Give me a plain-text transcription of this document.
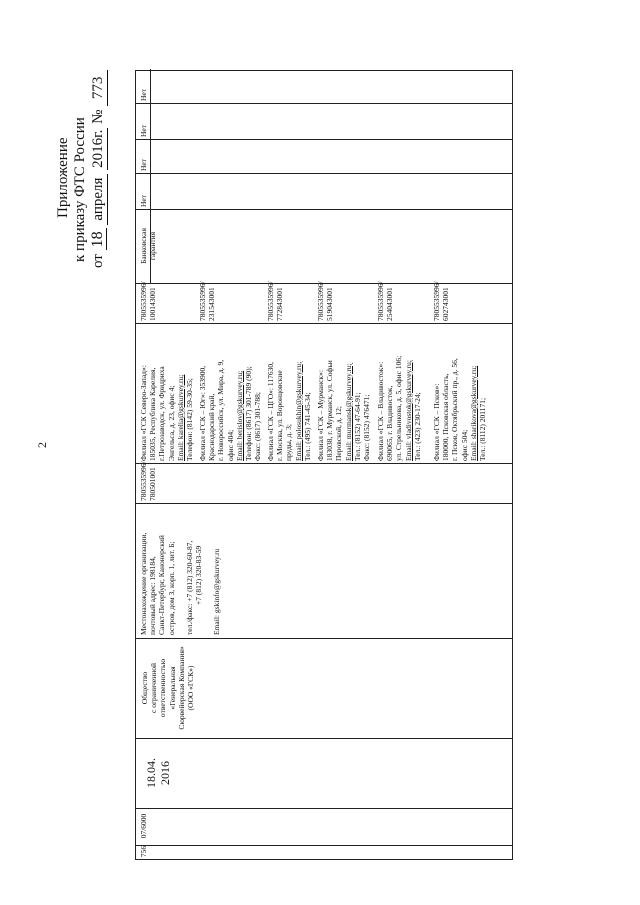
2
Приложение к приказу ФТС России от 18 апреля 2016г. № 773
756
07/6000
18.04.
2016
Общество с ограниченной ответственностью «Генеральная Сюрвейерская Компания» (ООО «ГСК»)
Местонахождение организации, почтовый адрес: 198184, Санкт-Петербург, Канонерский остров, дом 3, корп. 1, лит. Б; тел./факс: +7 (812) 320-60-87, +7 (812) 320-83-59 Email: gskinfo@gskurvey.ru
7805535996/
780501001
Филиал «ГСК Северо-Запад»: 185035, Республика Карелия, г.Петрозаводск, ул. Фридриха Энгельса, д. 23, офис 4; Email: karelia@gskurvey.ru; Телефон: (8142) 59-30-35;
7805535996/
100143001
Филиал «ГСК – Юг»: 353900, Краснодарский край, г. Новороссийск, ул. Мира, д. 9, офис 404; Email: berislov@gskurvey.ru; Телефон: (8617) 301-789 (90); Факс: (8617) 301-788;
7805535996/
231543001
Филиал «ГСК – ЦГО»: 117630, г. Москва, ул. Воронцовские пруды, д. 3; Email: polosukhin@gskurvey.ru; Тел.: (495) 741-45-34;
7805535996/
772843001
Филиал «ГСК – Мурманск»: 183038, г. Мурманск, ул. Софьи Перовской, д. 12; Email: murmansk@gskurvey.ru; Тел.: (8152) 47-64-91; Факс: (8152) 476471;
7805535996/
519043001
Филиал «ГСК – Владивосток»: 690065, г. Владивосток, ул. Стрельникова, д. 5, офис 106; Email: vladivostok@gskurvey.ru; Тел.: (423) 230-17-24;
7805535996/
254043001
Филиал «ГСК – Псков»: 180000, Псковская область, г. Псков, Октябрьский пр., д. 56, офис 504; Email: sharikova@gskurvey.ru; Тел.: (8112) 201171;
7805535996/
602743001
Банковская
гарантия
Нет
Нет
Нет
Нет
